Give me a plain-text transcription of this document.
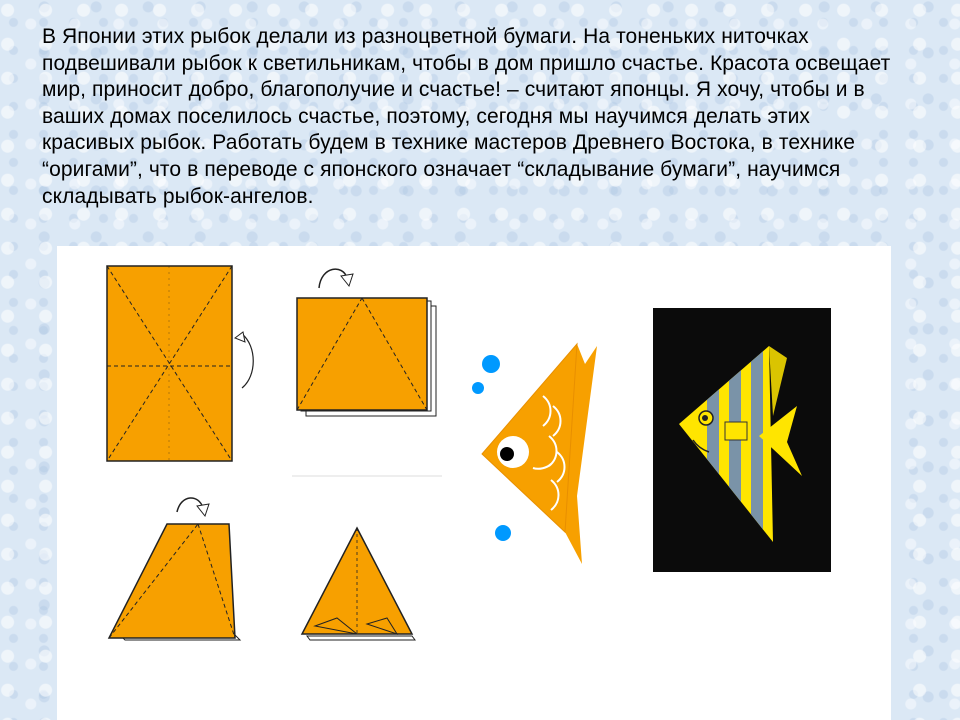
В Японии этих рыбок делали из разноцветной бумаги. На тоненьких ниточках подвешивали рыбок к светильникам, чтобы в дом пришло счастье. Красота освещает мир, приносит добро, благополучие и счастье! – считают японцы. Я хочу, чтобы и в ваших домах поселилось счастье, поэтому, сегодня мы научимся делать этих красивых рыбок. Работать будем в технике мастеров Древнего Востока, в технике “оригами”, что в переводе с японского означает “складывание бумаги”, научимся складывать рыбок-ангелов.
